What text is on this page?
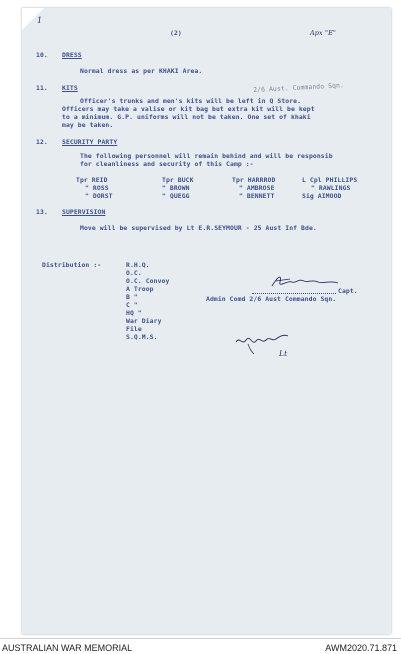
1
(2)	Apx "E"
10. DRESS
Normal dress as per KHAKI Area.
11. KITS	2/6 Aust. Commando Sqn.
Officer's trunks and men's kits will be left in Q Store.
Officers may take a valise or kit bag but extra kit will be kept
to a minimum. G.P. uniforms will not be taken. One set of khaki
may be taken.
12. SECURITY PARTY
The following personnel will remain behind and will be responsib
for cleanliness and security of this Camp :-
Tpr REID	Tpr BUCK	Tpr HARRROD	L Cpl PHILLIPS
" ROSS	" BROWN	" AMBROSE	" RAWLINGS
" DORST	" QUEGG	" BENNETT	Sig AIMOOD
13. SUPERVISION
Move will be supervised by Lt E.R.SEYMOUR - 25 Aust Inf Bde.
Distribution :-	R.H.Q.
O.C.
O.C. Convoy
A Troop
B "
C "
HQ "
War Diary
File
S.Q.M.S.
Capt.
Admin Comd 2/6 Aust Commando Sqn.
Lt
AUSTRALIAN WAR MEMORIAL	AWM2020.71.871
